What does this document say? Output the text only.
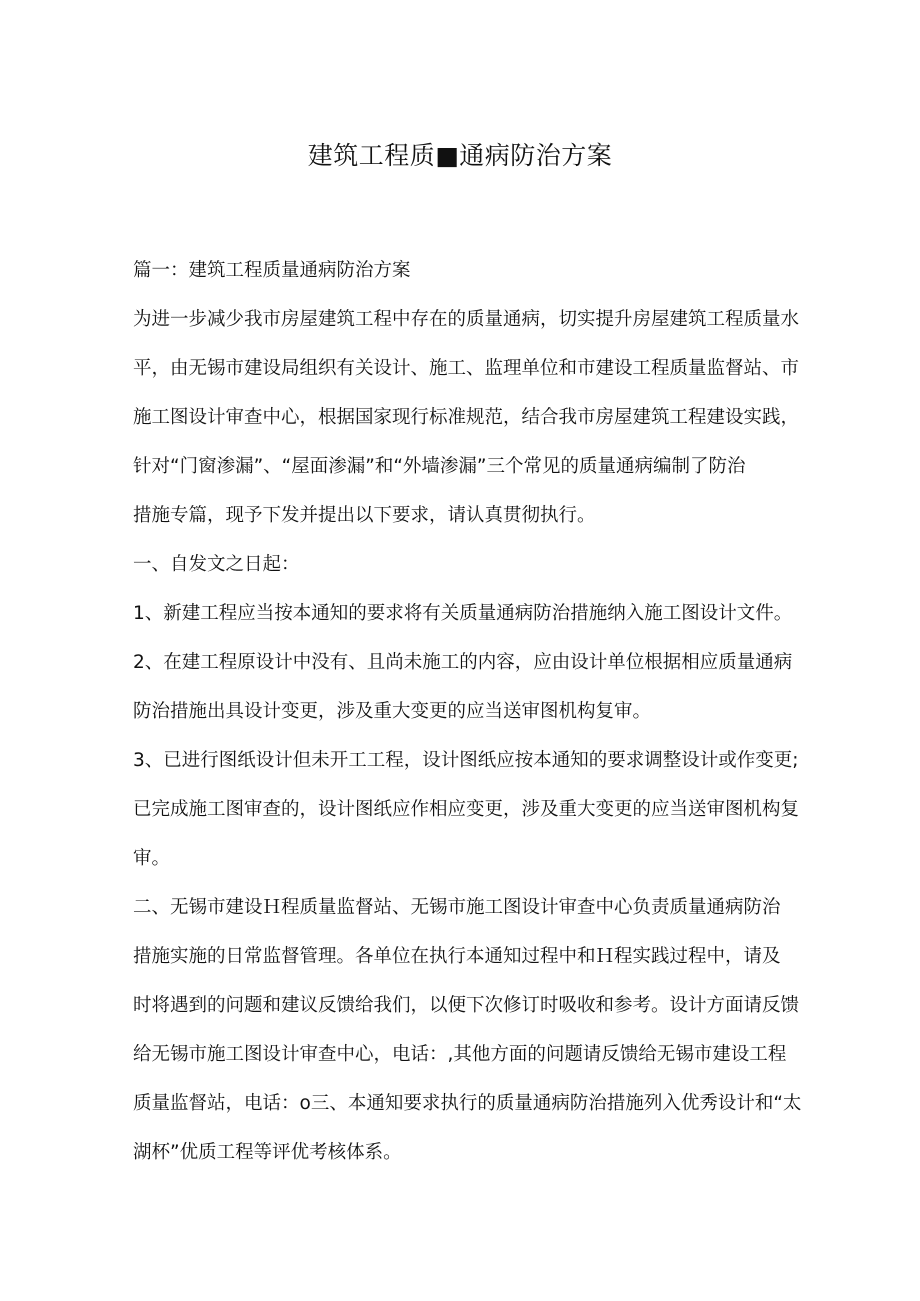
建筑工程质■通病防治方案

篇一：建筑工程质量通病防治方案

为进一步减少我市房屋建筑工程中存在的质量通病，切实提升房屋建筑工程质量水

平，由无锡市建设局组织有关设计、施工、监理单位和市建设工程质量监督站、市

施工图设计审查中心，根据国家现行标准规范，结合我市房屋建筑工程建设实践，

针对“门窗渗漏”、“屋面渗漏”和“外墙渗漏”三个常见的质量通病编制了防治

措施专篇，现予下发并提出以下要求，请认真贯彻执行。

一、自发文之日起：

1、新建工程应当按本通知的要求将有关质量通病防治措施纳入施工图设计文件。

2、在建工程原设计中没有、且尚未施工的内容，应由设计单位根据相应质量通病

防治措施出具设计变更，涉及重大变更的应当送审图机构复审。

3、已进行图纸设计但未开工工程，设计图纸应按本通知的要求调整设计或作变更;

已完成施工图审查的，设计图纸应作相应变更，涉及重大变更的应当送审图机构复

审。

二、无锡市建设Ｈ程质量监督站、无锡市施工图设计审查中心负责质量通病防治

措施实施的日常监督管理。各单位在执行本通知过程中和Ｈ程实践过程中，请及

时将遇到的问题和建议反馈给我们，以便下次修订时吸收和参考。设计方面请反馈

给无锡市施工图设计审查中心，电话：,其他方面的问题请反馈给无锡市建设工程

质量监督站，电话：o三、本通知要求执行的质量通病防治措施列入优秀设计和“太

湖杯”优质工程等评优考核体系。
